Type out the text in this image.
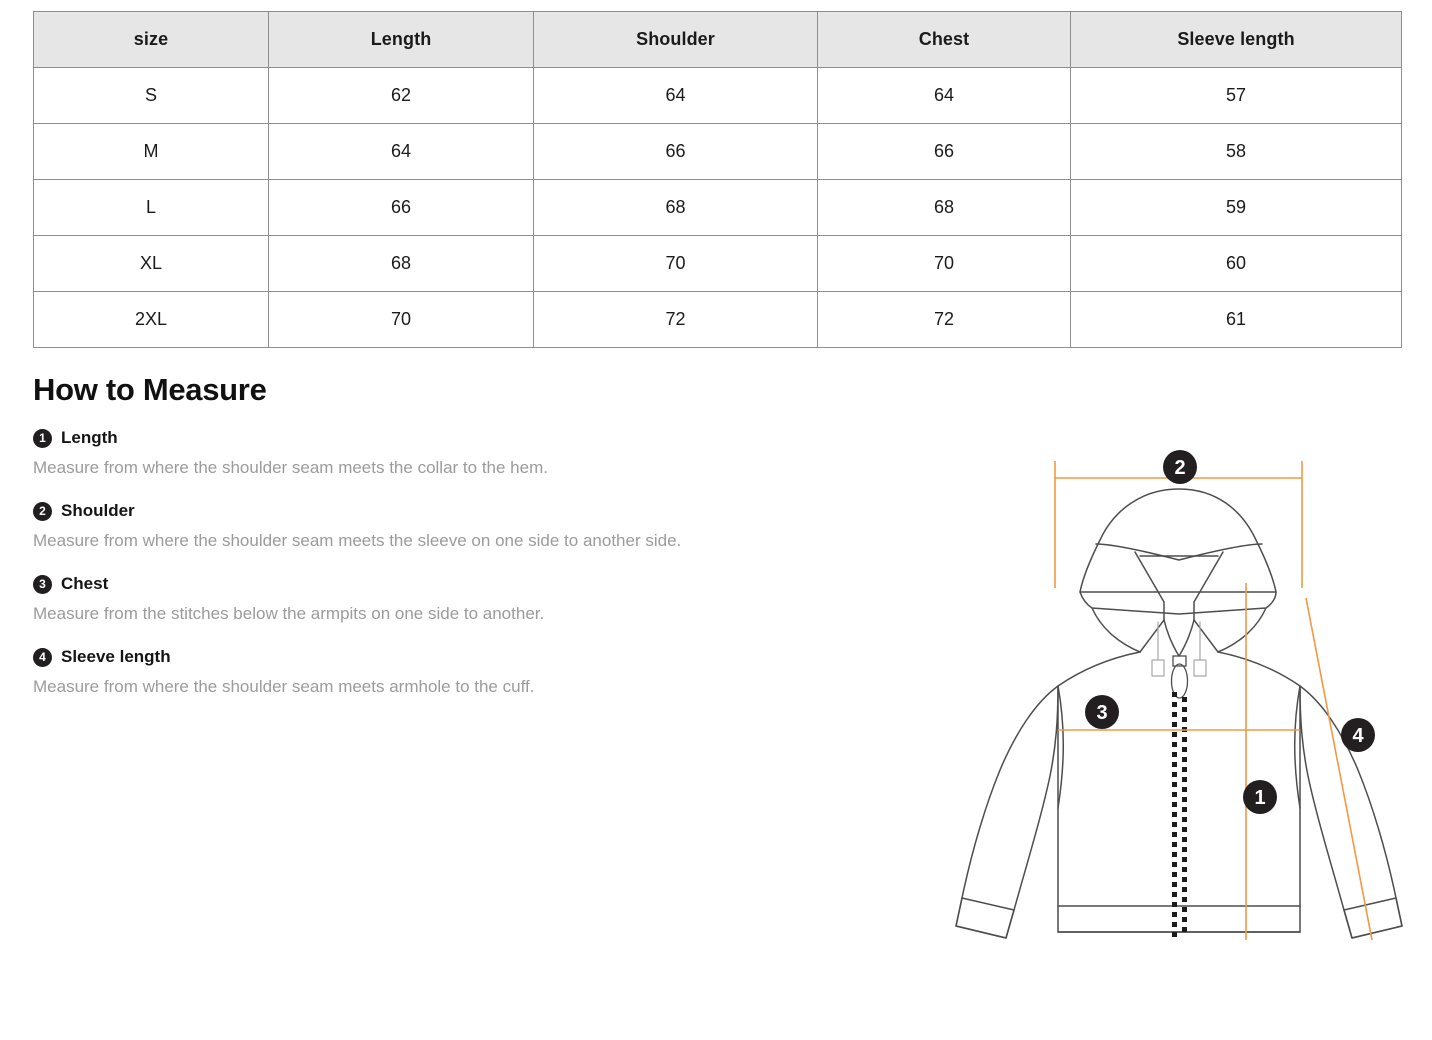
size	Length	Shoulder	Chest	Sleeve length
S	62	64	64	57
M	64	66	66	58
L	66	68	68	59
XL	68	70	70	60
2XL	70	72	72	61
How to Measure
1 Length

Measure from where the shoulder seam meets the collar to the hem.

2 Shoulder

Measure from where the shoulder seam meets the sleeve on one side to another side.

3 Chest

Measure from the stitches below the armpits on one side to another.

4 Sleeve length

Measure from where the shoulder seam meets armhole to the cuff.

2
3
1
4
